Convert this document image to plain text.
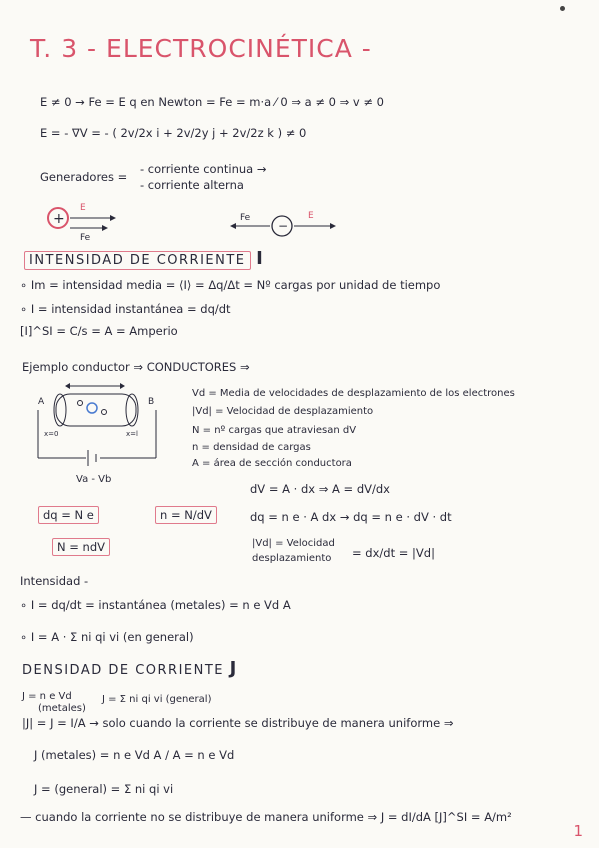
T. 3 - ELECTROCINÉTICA -
E ≠ 0 → Fe = E q en Newton = Fe = m·a ⁄ 0 ⇒ a ≠ 0 ⇒ v ≠ 0
E = - ∇V = - ( 2v/2x i + 2v/2y j + 2v/2z k ) ≠ 0
Generadores =
- corriente continua →
- corriente alterna
+
E
Fe
−
Fe	E
INTENSIDAD DE CORRIENTE I
∘ Im = intensidad media = ⟨I⟩ = Δq/Δt = Nº cargas por unidad de tiempo
∘ I = intensidad instantánea = dq/dt
[I]^SI = C/s = A = Amperio
Ejemplo conductor ⇒ CONDUCTORES ⇒
A	B
x=0	x=l
Va - Vb
Vd = Media de velocidades de desplazamiento de los electrones
|Vd| = Velocidad de desplazamiento
N = nº cargas que atraviesan dV
n = densidad de cargas
A = área de sección conductora
dV = A · dx ⇒ A = dV/dx
dq = n e · A dx → dq = n e · dV · dt
|Vd| = Velocidad
desplazamiento = dx/dt = |Vd|
dq = N e	n = N/dV
N = ndV
Intensidad -
∘ I = dq/dt = instantánea (metales) = n e Vd A
∘ I = A · Σ ni qi vi (en general)
DENSIDAD DE CORRIENTE J
J = n e Vd
(metales)
J = Σ ni qi vi (general)
|J| = J = I/A → solo cuando la corriente se distribuye de manera uniforme ⇒
J (metales) = n e Vd A / A = n e Vd
J = (general) = Σ ni qi vi
— cuando la corriente no se distribuye de manera uniforme ⇒ J = dI/dA [J]^SI = A/m²
1
